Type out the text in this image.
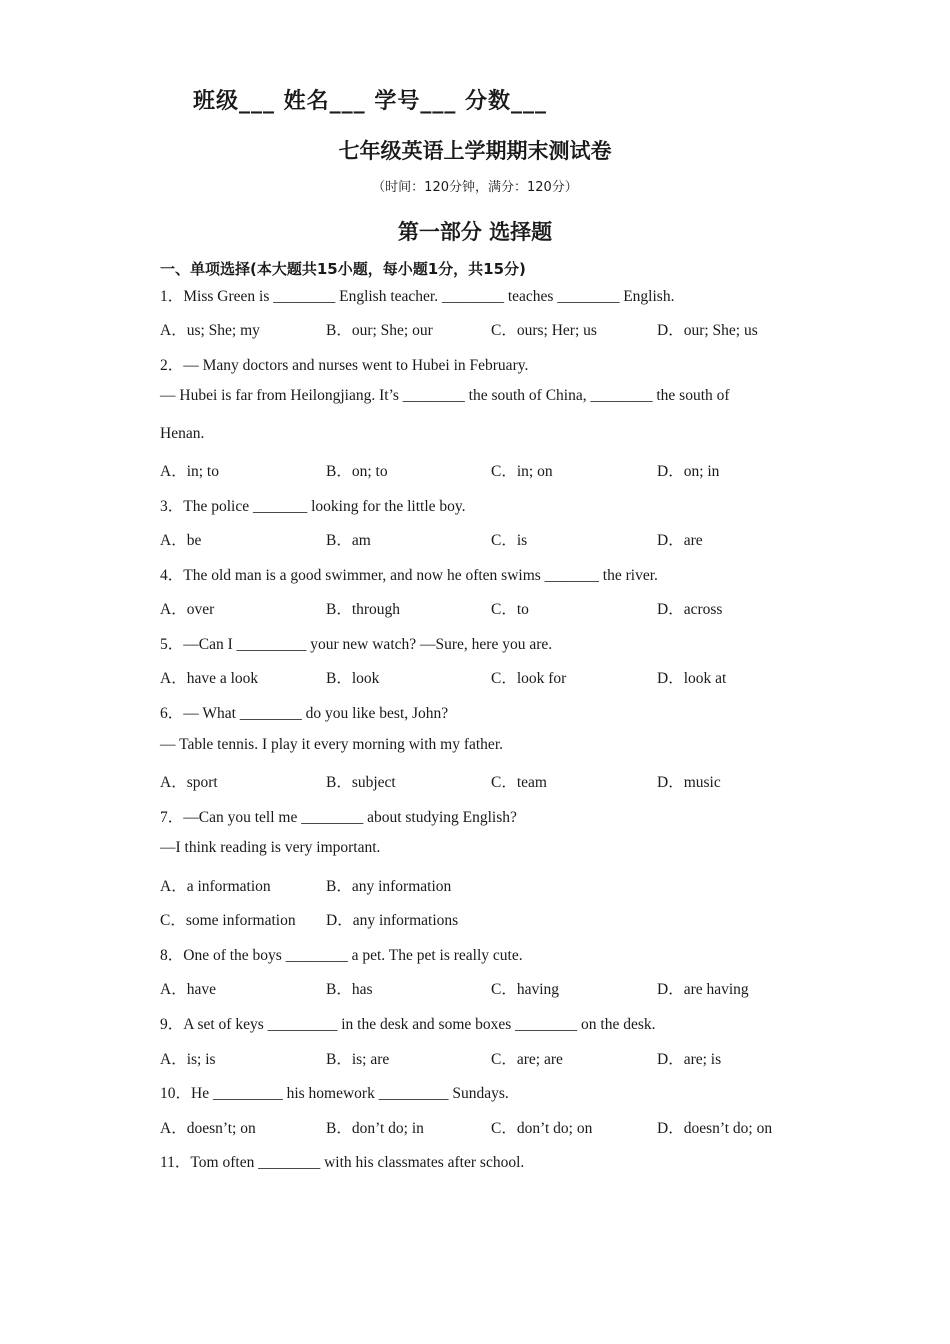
班级___ 姓名___ 学号___ 分数___
七年级英语上学期期末测试卷
（时间：120分钟，满分：120分）
第一部分 选择题
一、单项选择(本大题共15小题，每小题1分，共15分)
1．Miss Green is ________ English teacher. ________ teaches ________ English.
A．us; She; my	B．our; She; our	C．ours; Her; us	D．our; She; us
2．— Many doctors and nurses went to Hubei in February.
— Hubei is far from Heilongjiang. It’s ________ the south of China, ________ the south of
Henan.
A．in; to	B．on; to	C．in; on	D．on; in
3．The police _______ looking for the little boy.
A．be	B．am	C．is	D．are
4．The old man is a good swimmer, and now he often swims _______ the river.
A．over	B．through	C．to	D．across
5．—Can I _________ your new watch? —Sure, here you are.
A．have a look	B．look	C．look for	D．look at
6．— What ________ do you like best, John?
— Table tennis. I play it every morning with my father.
A．sport	B．subject	C．team	D．music
7．—Can you tell me ________ about studying English?
—I think reading is very important.
A．a information	B．any information
C．some information D．any informations
8．One of the boys ________ a pet. The pet is really cute.
A．have	B．has	C．having	D．are having
9．A set of keys _________ in the desk and some boxes ________ on the desk.
A．is; is	B．is; are	C．are; are	D．are; is
10．He _________ his homework _________ Sundays.
A．doesn’t; on	B．don’t do; in	C．don’t do; on	D．doesn’t do; on
11．Tom often ________ with his classmates after school.
